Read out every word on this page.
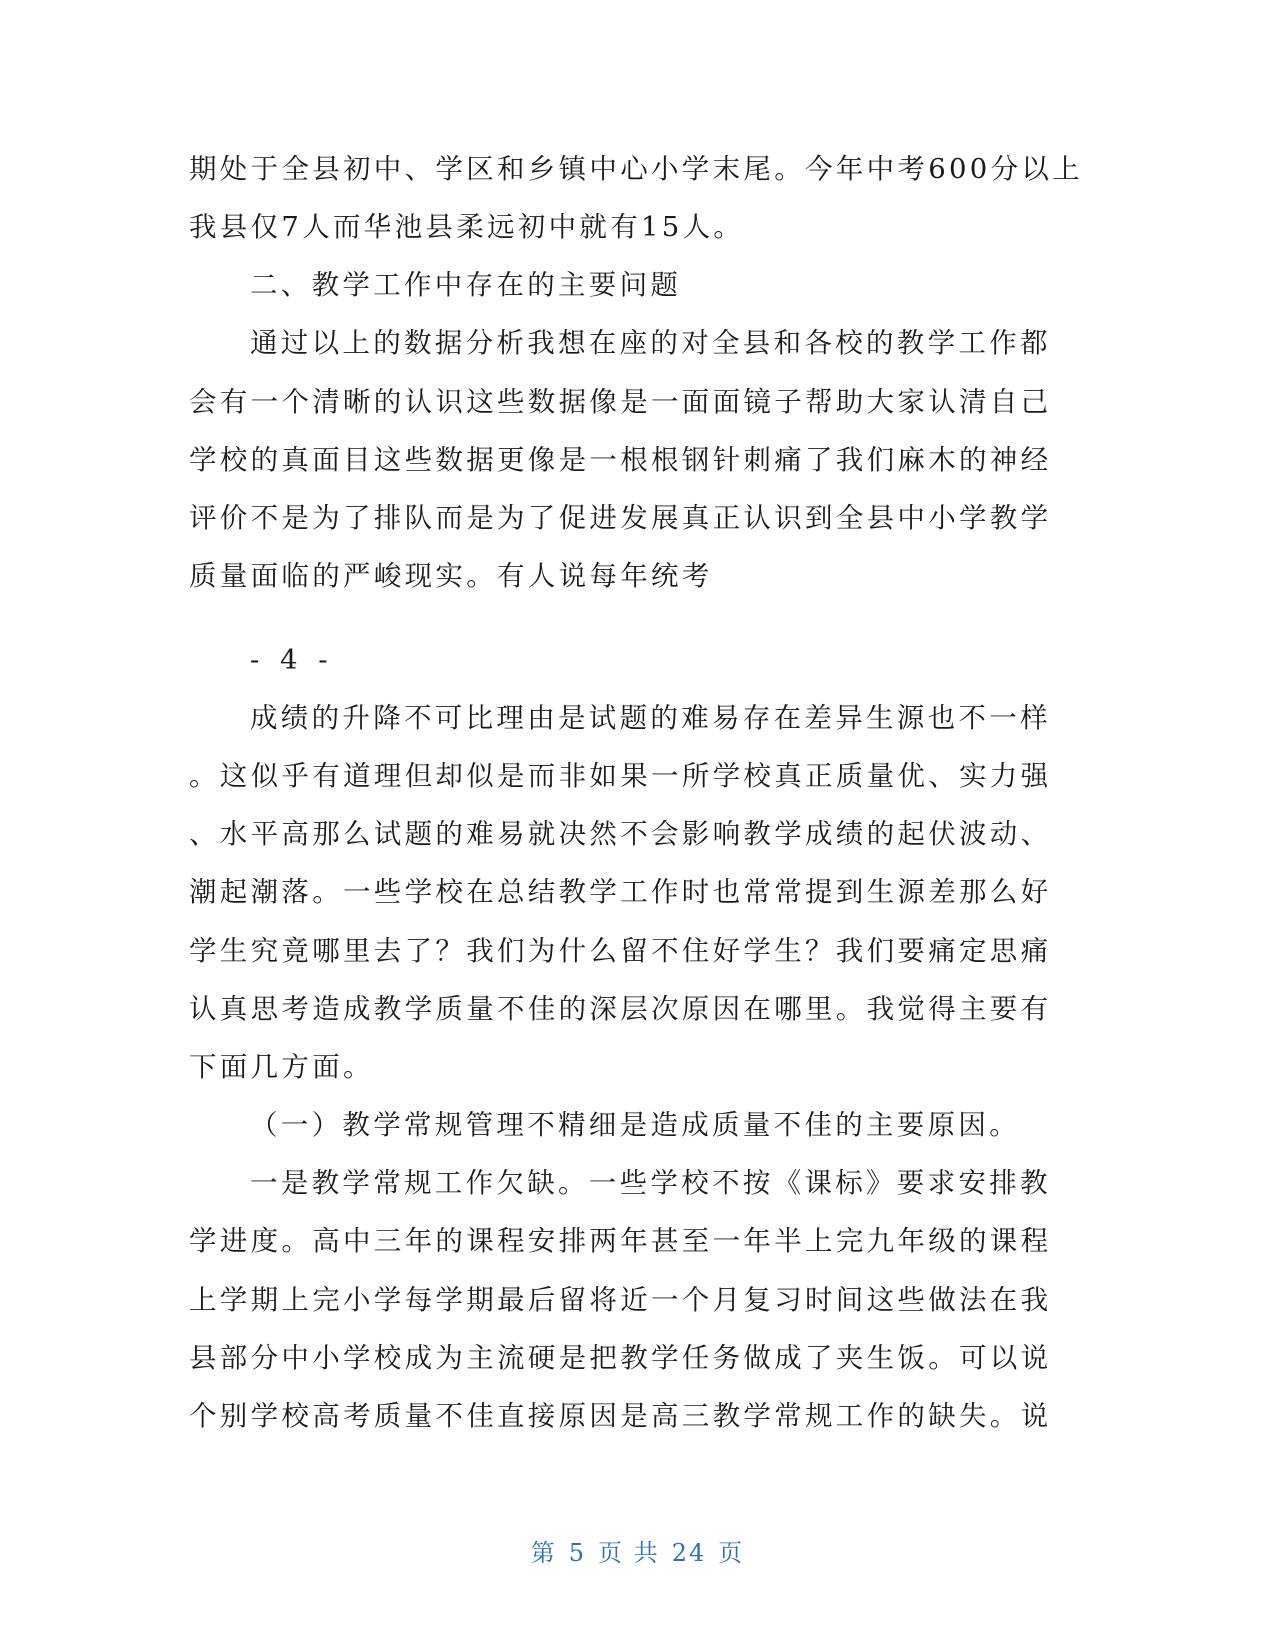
期处于全县初中、学区和乡镇中心小学末尾。今年中考600分以上
我县仅7人而华池县柔远初中就有15人。
二、教学工作中存在的主要问题
通过以上的数据分析我想在座的对全县和各校的教学工作都
会有一个清晰的认识这些数据像是一面面镜子帮助大家认清自己
学校的真面目这些数据更像是一根根钢针刺痛了我们麻木的神经
评价不是为了排队而是为了促进发展真正认识到全县中小学教学
质量面临的严峻现实。有人说每年统考
- 4 -
成绩的升降不可比理由是试题的难易存在差异生源也不一样
。这似乎有道理但却似是而非如果一所学校真正质量优、实力强
、水平高那么试题的难易就决然不会影响教学成绩的起伏波动、
潮起潮落。一些学校在总结教学工作时也常常提到生源差那么好
学生究竟哪里去了？我们为什么留不住好学生？我们要痛定思痛
认真思考造成教学质量不佳的深层次原因在哪里。我觉得主要有
下面几方面。
（一）教学常规管理不精细是造成质量不佳的主要原因。
一是教学常规工作欠缺。一些学校不按《课标》要求安排教
学进度。高中三年的课程安排两年甚至一年半上完九年级的课程
上学期上完小学每学期最后留将近一个月复习时间这些做法在我
县部分中小学校成为主流硬是把教学任务做成了夹生饭。可以说
个别学校高考质量不佳直接原因是高三教学常规工作的缺失。说
第 5 页 共 24 页
